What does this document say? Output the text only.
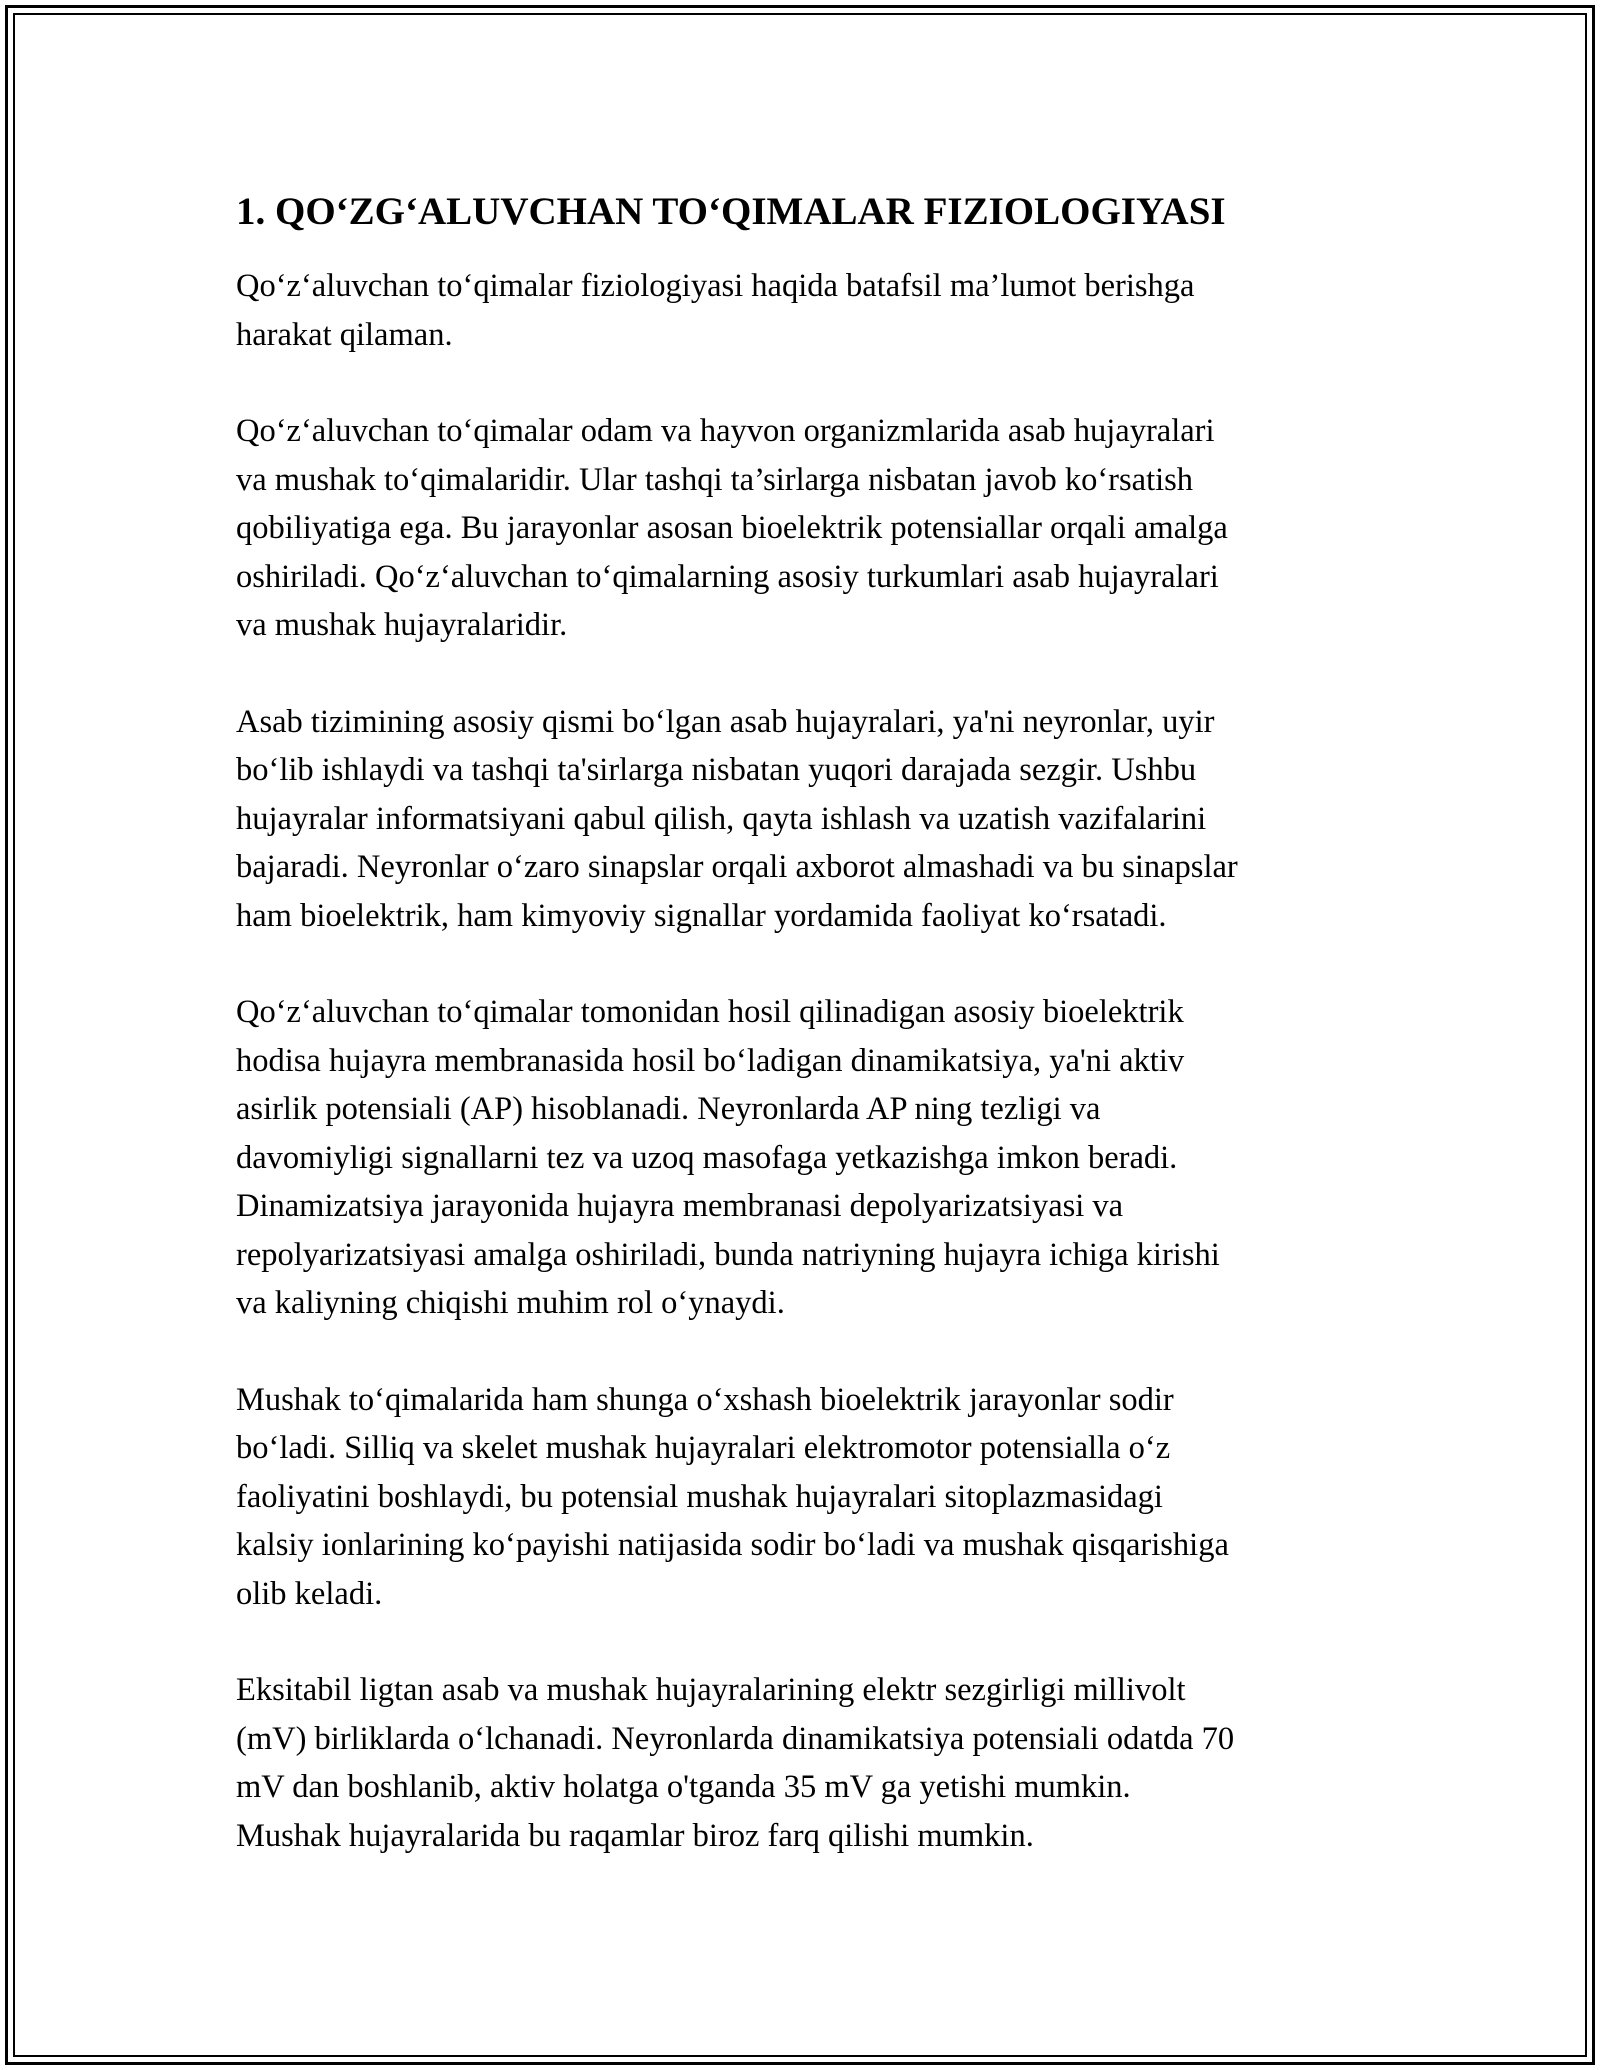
1. QO‘ZG‘ALUVCHAN TO‘QIMALAR FIZIOLOGIYASI

Qo‘z‘aluvchan to‘qimalar fiziologiyasi haqida batafsil ma’lumot berishga
harakat qilaman.

Qo‘z‘aluvchan to‘qimalar odam va hayvon organizmlarida asab hujayralari
va mushak to‘qimalaridir. Ular tashqi ta’sirlarga nisbatan javob ko‘rsatish
qobiliyatiga ega. Bu jarayonlar asosan bioelektrik potensiallar orqali amalga
oshiriladi. Qo‘z‘aluvchan to‘qimalarning asosiy turkumlari asab hujayralari
va mushak hujayralaridir.

Asab tizimining asosiy qismi bo‘lgan asab hujayralari, ya'ni neyronlar, uyir
bo‘lib ishlaydi va tashqi ta'sirlarga nisbatan yuqori darajada sezgir. Ushbu
hujayralar informatsiyani qabul qilish, qayta ishlash va uzatish vazifalarini
bajaradi. Neyronlar o‘zaro sinapslar orqali axborot almashadi va bu sinapslar
ham bioelektrik, ham kimyoviy signallar yordamida faoliyat ko‘rsatadi.

Qo‘z‘aluvchan to‘qimalar tomonidan hosil qilinadigan asosiy bioelektrik
hodisa hujayra membranasida hosil bo‘ladigan dinamikatsiya, ya'ni aktiv
asirlik potensiali (AP) hisoblanadi. Neyronlarda AP ning tezligi va
davomiyligi signallarni tez va uzoq masofaga yetkazishga imkon beradi.
Dinamizatsiya jarayonida hujayra membranasi depolyarizatsiyasi va
repolyarizatsiyasi amalga oshiriladi, bunda natriyning hujayra ichiga kirishi
va kaliyning chiqishi muhim rol o‘ynaydi.

Mushak to‘qimalarida ham shunga o‘xshash bioelektrik jarayonlar sodir
bo‘ladi. Silliq va skelet mushak hujayralari elektromotor potensialla o‘z
faoliyatini boshlaydi, bu potensial mushak hujayralari sitoplazmasidagi
kalsiy ionlarining ko‘payishi natijasida sodir bo‘ladi va mushak qisqarishiga
olib keladi.

Eksitabil ligtan asab va mushak hujayralarining elektr sezgirligi millivolt
(mV) birliklarda o‘lchanadi. Neyronlarda dinamikatsiya potensiali odatda 70
mV dan boshlanib, aktiv holatga o'tganda 35 mV ga yetishi mumkin.
Mushak hujayralarida bu raqamlar biroz farq qilishi mumkin.
